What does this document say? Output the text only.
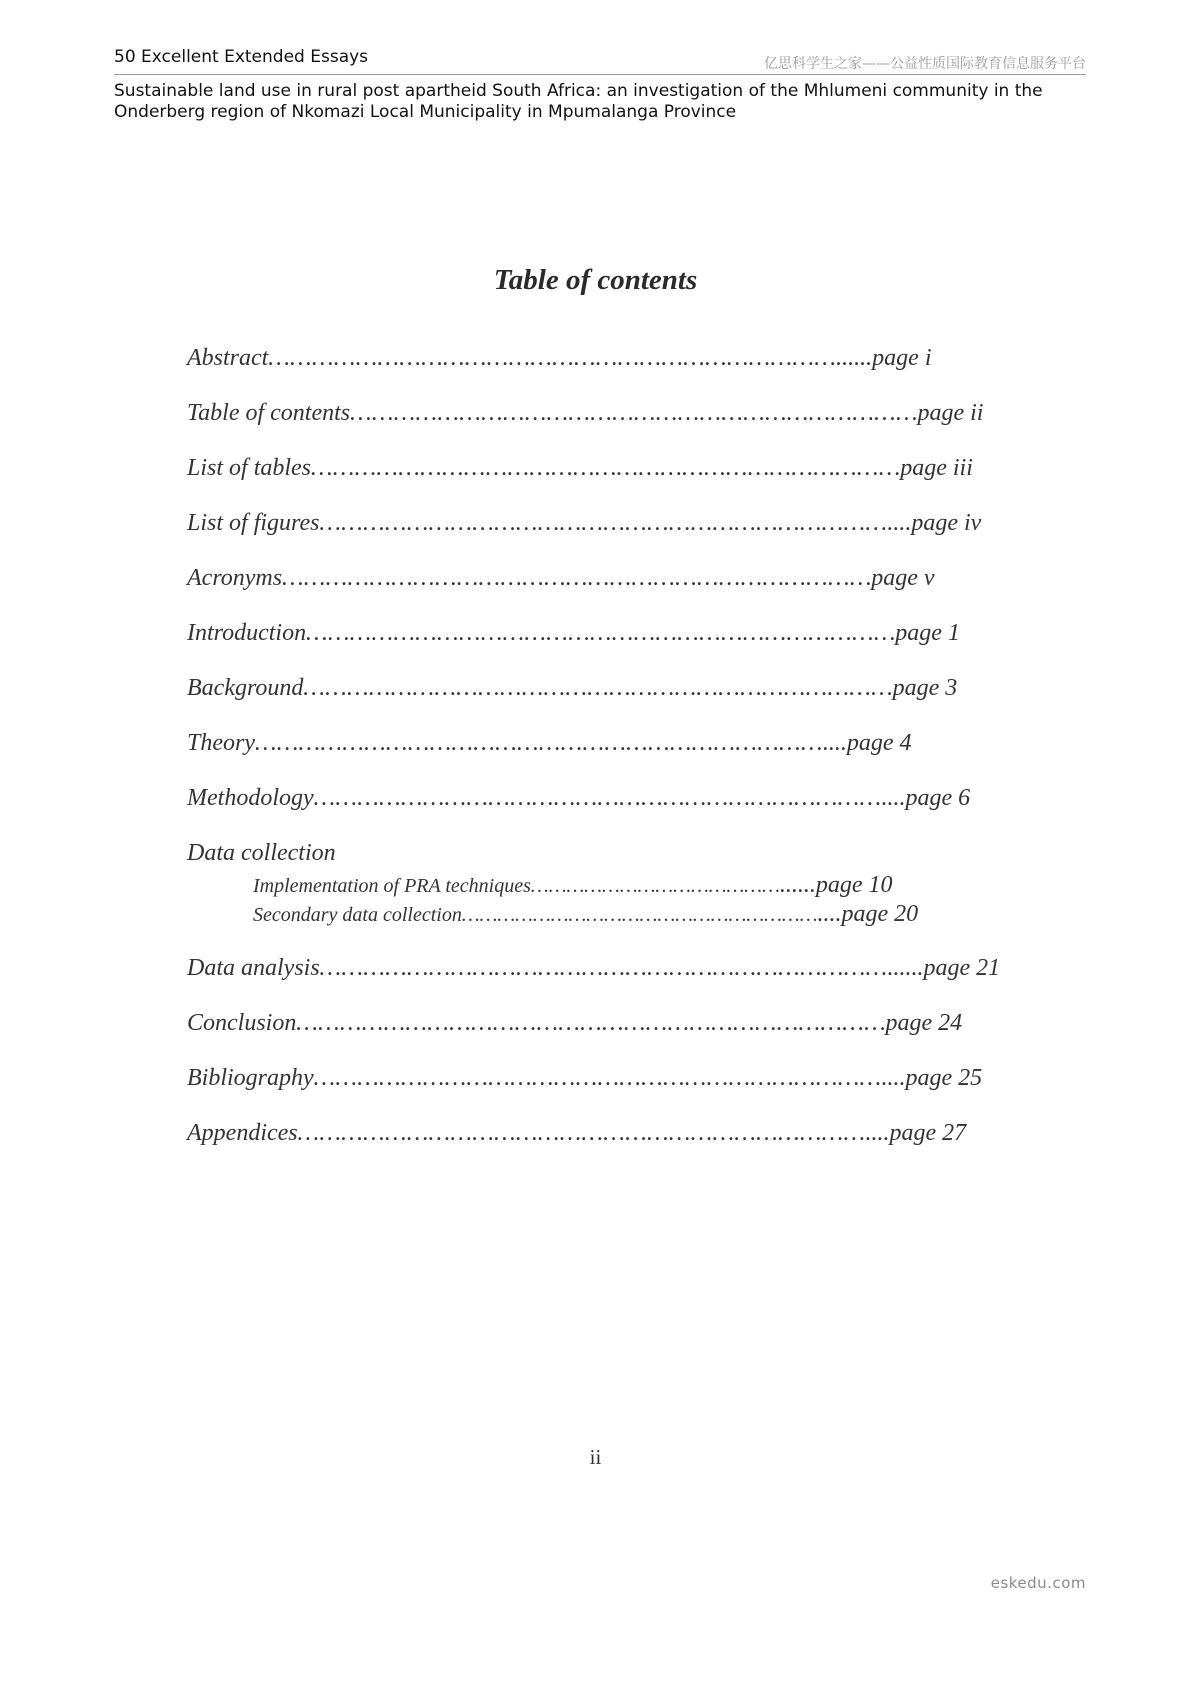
50 Excellent Extended Essays	亿思科学生之家——公益性质国际教育信息服务平台
Sustainable land use in rural post apartheid South Africa: an investigation of the Mhlumeni community in the Onderberg region of Nkomazi Local Municipality in Mpumalanga Province
Table of contents
Abstract……………………………………………………………………......page i
Table of contents……………………………………………………………………page ii
List of tables………………………………………………………………………page iii
List of figures……………………………………………………………………....page iv
Acronyms………………………………………………………………………page v
Introduction………………………………………………………………………page 1
Background………………………………………………………………………page 3
Theory……………………………………………………………………....page 4
Methodology……………………………………………………………………....page 6
Data collection
Implementation of PRA techniques……………………………………......page 10
Secondary data collection……………………………………………………....page 20
Data analysis……………………………………………………………………......page 21
Conclusion………………………………………………………………………page 24
Bibliography……………………………………………………………………....page 25
Appendices……………………………………………………………………....page 27
ii
eskedu.com
